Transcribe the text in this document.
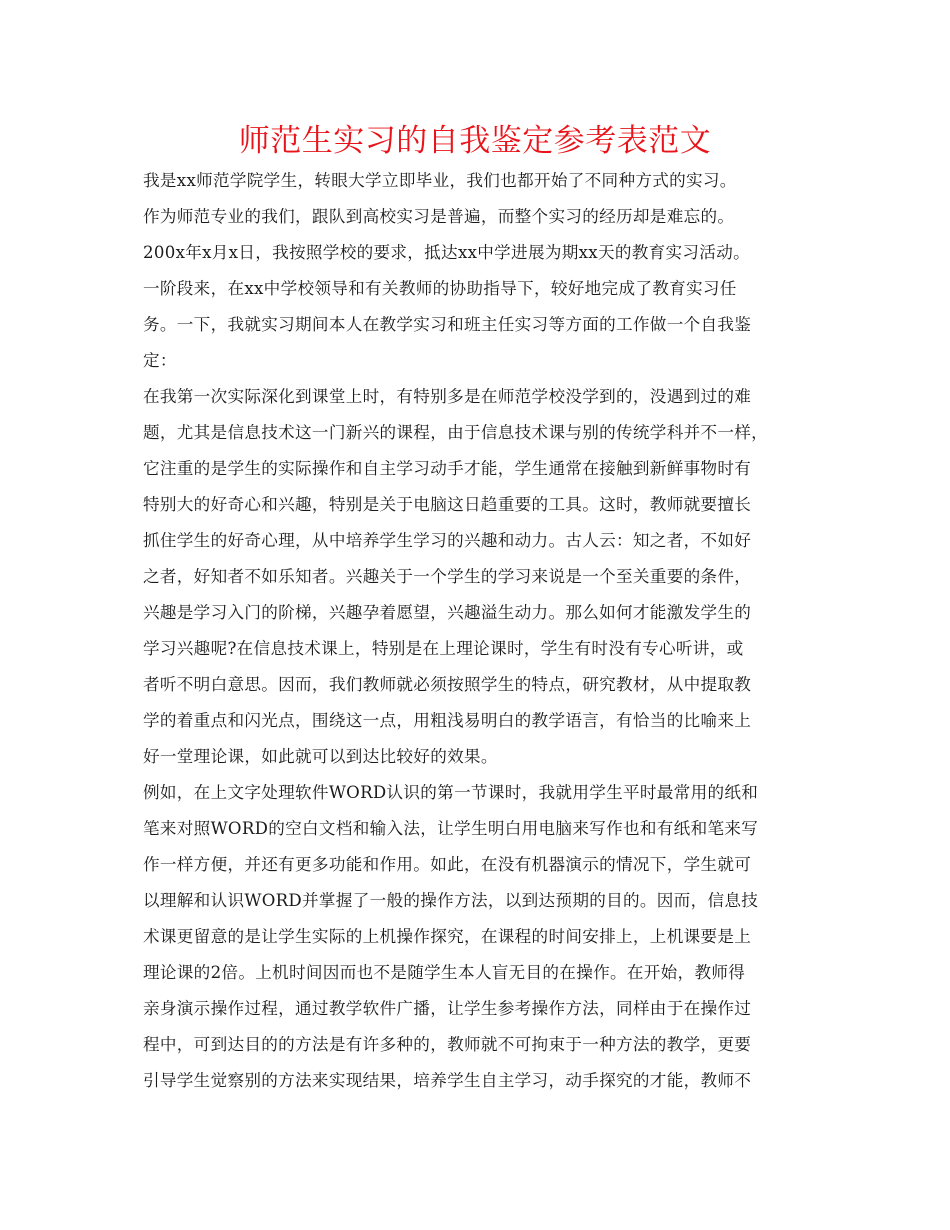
师范生实习的自我鉴定参考表范文
我是xx师范学院学生，转眼大学立即毕业，我们也都开始了不同种方式的实习。
作为师范专业的我们，跟队到高校实习是普遍，而整个实习的经历却是难忘的。
200x年x月x日，我按照学校的要求，抵达xx中学进展为期xx天的教育实习活动。
一阶段来，在xx中学校领导和有关教师的协助指导下，较好地完成了教育实习任
务。一下，我就实习期间本人在教学实习和班主任实习等方面的工作做一个自我鉴
定：
在我第一次实际深化到课堂上时，有特别多是在师范学校没学到的，没遇到过的难
题，尤其是信息技术这一门新兴的课程，由于信息技术课与别的传统学科并不一样，
它注重的是学生的实际操作和自主学习动手才能，学生通常在接触到新鲜事物时有
特别大的好奇心和兴趣，特别是关于电脑这日趋重要的工具。这时，教师就要擅长
抓住学生的好奇心理，从中培养学生学习的兴趣和动力。古人云：知之者，不如好
之者，好知者不如乐知者。兴趣关于一个学生的学习来说是一个至关重要的条件，
兴趣是学习入门的阶梯，兴趣孕着愿望，兴趣溢生动力。那么如何才能激发学生的
学习兴趣呢?在信息技术课上，特别是在上理论课时，学生有时没有专心听讲，或
者听不明白意思。因而，我们教师就必须按照学生的特点，研究教材，从中提取教
学的着重点和闪光点，围绕这一点，用粗浅易明白的教学语言，有恰当的比喻来上
好一堂理论课，如此就可以到达比较好的效果。
例如，在上文字处理软件WORD认识的第一节课时，我就用学生平时最常用的纸和
笔来对照WORD的空白文档和输入法，让学生明白用电脑来写作也和有纸和笔来写
作一样方便，并还有更多功能和作用。如此，在没有机器演示的情况下，学生就可
以理解和认识WORD并掌握了一般的操作方法，以到达预期的目的。因而，信息技
术课更留意的是让学生实际的上机操作探究，在课程的时间安排上，上机课要是上
理论课的2倍。上机时间因而也不是随学生本人盲无目的在操作。在开始，教师得
亲身演示操作过程，通过教学软件广播，让学生参考操作方法，同样由于在操作过
程中，可到达目的的方法是有许多种的，教师就不可拘束于一种方法的教学，更要
引导学生觉察别的方法来实现结果，培养学生自主学习，动手探究的才能，教师不
